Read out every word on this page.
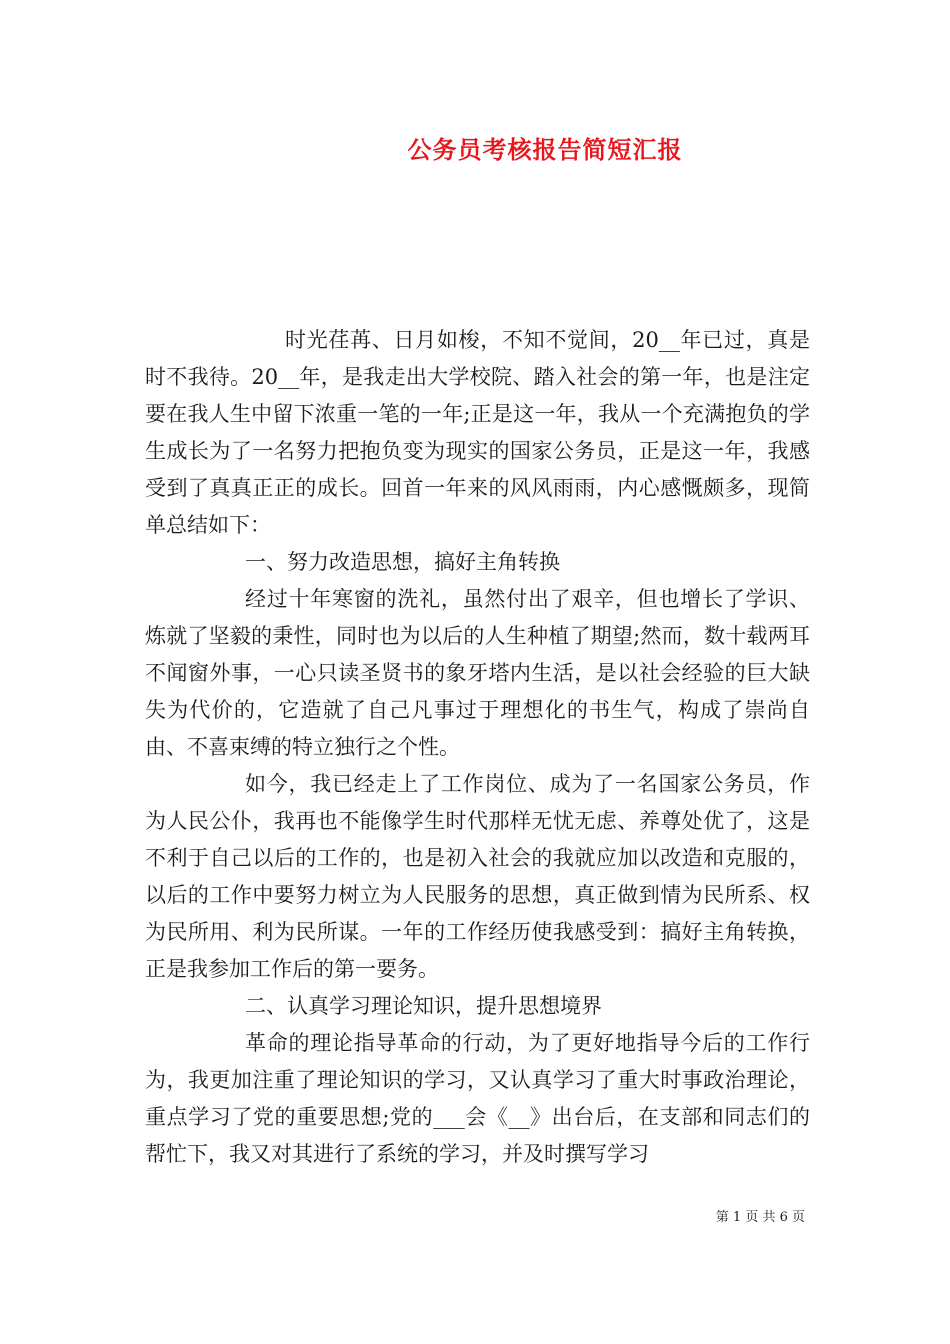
公务员考核报告简短汇报

时光荏苒、日月如梭，不知不觉间，20__年已过，真是时不我待。20__年，是我走出大学校院、踏入社会的第一年，也是注定要在我人生中留下浓重一笔的一年;正是这一年，我从一个充满抱负的学生成长为了一名努力把抱负变为现实的国家公务员，正是这一年，我感受到了真真正正的成长。回首一年来的风风雨雨，内心感慨颇多，现简单总结如下：

一、努力改造思想，搞好主角转换

经过十年寒窗的洗礼，虽然付出了艰辛，但也增长了学识、炼就了坚毅的秉性，同时也为以后的人生种植了期望;然而，数十载两耳不闻窗外事，一心只读圣贤书的象牙塔内生活，是以社会经验的巨大缺失为代价的，它造就了自己凡事过于理想化的书生气，构成了崇尚自由、不喜束缚的特立独行之个性。

如今，我已经走上了工作岗位、成为了一名国家公务员，作为人民公仆，我再也不能像学生时代那样无忧无虑、养尊处优了，这是不利于自己以后的工作的，也是初入社会的我就应加以改造和克服的，以后的工作中要努力树立为人民服务的思想，真正做到情为民所系、权为民所用、利为民所谋。一年的工作经历使我感受到：搞好主角转换，正是我参加工作后的第一要务。

二、认真学习理论知识，提升思想境界

革命的理论指导革命的行动，为了更好地指导今后的工作行为，我更加注重了理论知识的学习，又认真学习了重大时事政治理论，重点学习了党的重要思想;党的___会《__》出台后，在支部和同志们的帮忙下，我又对其进行了系统的学习，并及时撰写学习

第 1 页 共 6 页
